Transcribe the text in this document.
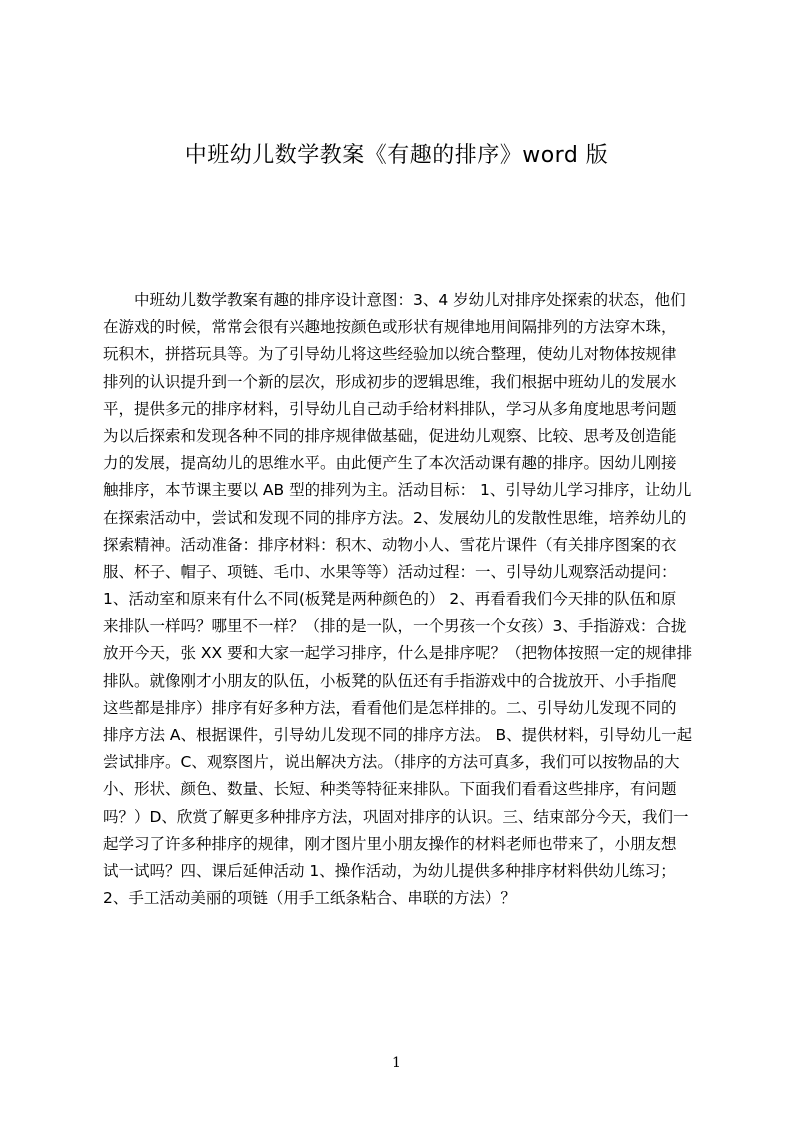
中班幼儿数学教案《有趣的排序》word 版
　　中班幼儿数学教案有趣的排序设计意图：3、4 岁幼儿对排序处探索的状态，他们
在游戏的时候，常常会很有兴趣地按颜色或形状有规律地用间隔排列的方法穿木珠，
玩积木，拼搭玩具等。为了引导幼儿将这些经验加以统合整理，使幼儿对物体按规律
排列的认识提升到一个新的层次，形成初步的逻辑思维，我们根据中班幼儿的发展水
平，提供多元的排序材料，引导幼儿自己动手给材料排队，学习从多角度地思考问题
为以后探索和发现各种不同的排序规律做基础，促进幼儿观察、比较、思考及创造能
力的发展，提高幼儿的思维水平。由此便产生了本次活动课有趣的排序。因幼儿刚接
触排序，本节课主要以 AB 型的排列为主。活动目标： 1、引导幼儿学习排序，让幼儿
在探索活动中，尝试和发现不同的排序方法。2、发展幼儿的发散性思维，培养幼儿的
探索精神。活动准备：排序材料：积木、动物小人、雪花片课件（有关排序图案的衣
服、杯子、帽子、项链、毛巾、水果等等）活动过程：一、引导幼儿观察活动提问：
1、活动室和原来有什么不同(板凳是两种颜色的） 2、再看看我们今天排的队伍和原
来排队一样吗？哪里不一样？（排的是一队，一个男孩一个女孩）3、手指游戏：合拢
放开今天，张 XX 要和大家一起学习排序，什么是排序呢？（把物体按照一定的规律排
排队。就像刚才小朋友的队伍，小板凳的队伍还有手指游戏中的合拢放开、小手指爬
这些都是排序）排序有好多种方法，看看他们是怎样排的。二、引导幼儿发现不同的
排序方法 A、根据课件，引导幼儿发现不同的排序方法。 B、提供材料，引导幼儿一起
尝试排序。C、观察图片，说出解决方法。（排序的方法可真多，我们可以按物品的大
小、形状、颜色、数量、长短、种类等特征来排队。下面我们看看这些排序，有问题
吗？）D、欣赏了解更多种排序方法，巩固对排序的认识。三、结束部分今天，我们一
起学习了许多种排序的规律，刚才图片里小朋友操作的材料老师也带来了，小朋友想
试一试吗？四、课后延伸活动 1、操作活动，为幼儿提供多种排序材料供幼儿练习；
2、手工活动美丽的项链（用手工纸条粘合、串联的方法）？
1
